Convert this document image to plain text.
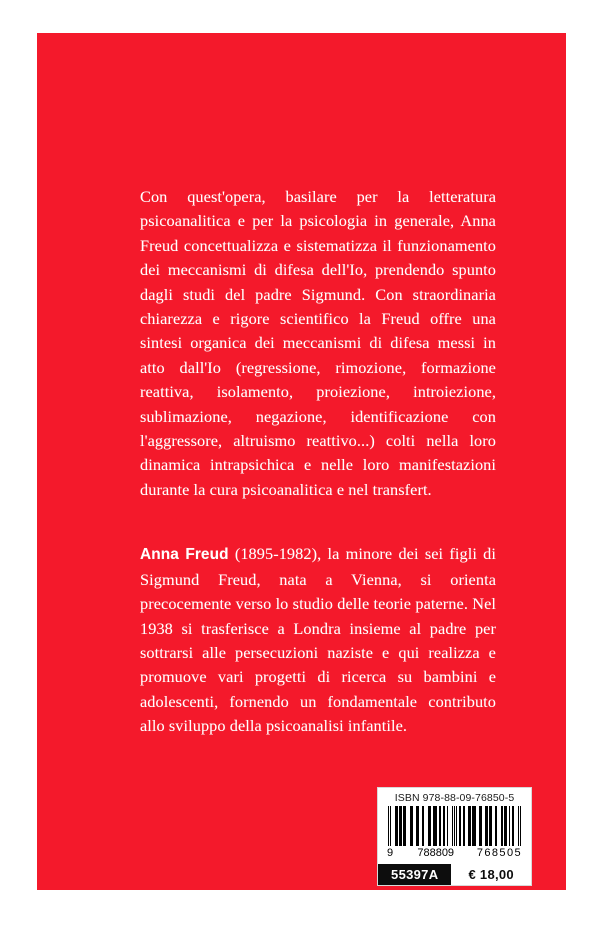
Con quest'opera, basilare per la letteratura psicoanalitica e per la psicologia in generale, Anna Freud concettualizza e sistematizza il funzionamento dei meccanismi di difesa dell'Io, prendendo spunto dagli studi del padre Sigmund. Con straordinaria chiarezza e rigore scientifico la Freud offre una sintesi organica dei meccanismi di difesa messi in atto dall'Io (regressione, rimozione, formazione reattiva, isolamento, proiezione, introiezione, sublimazione, negazione, identificazione con l'aggressore, altruismo reattivo...) colti nella loro dinamica intrapsichica e nelle loro manifestazioni durante la cura psicoanalitica e nel transfert.

Anna Freud (1895-1982), la minore dei sei figli di Sigmund Freud, nata a Vienna, si orienta precocemente verso lo studio delle teorie paterne. Nel 1938 si trasferisce a Londra insieme al padre per sottrarsi alle persecuzioni naziste e qui realizza e promuove vari progetti di ricerca su bambini e adolescenti, fornendo un fondamentale contributo allo sviluppo della psicoanalisi infantile.

ISBN 978-88-09-76850-5
9 788809 768505
55397A	€ 18,00
